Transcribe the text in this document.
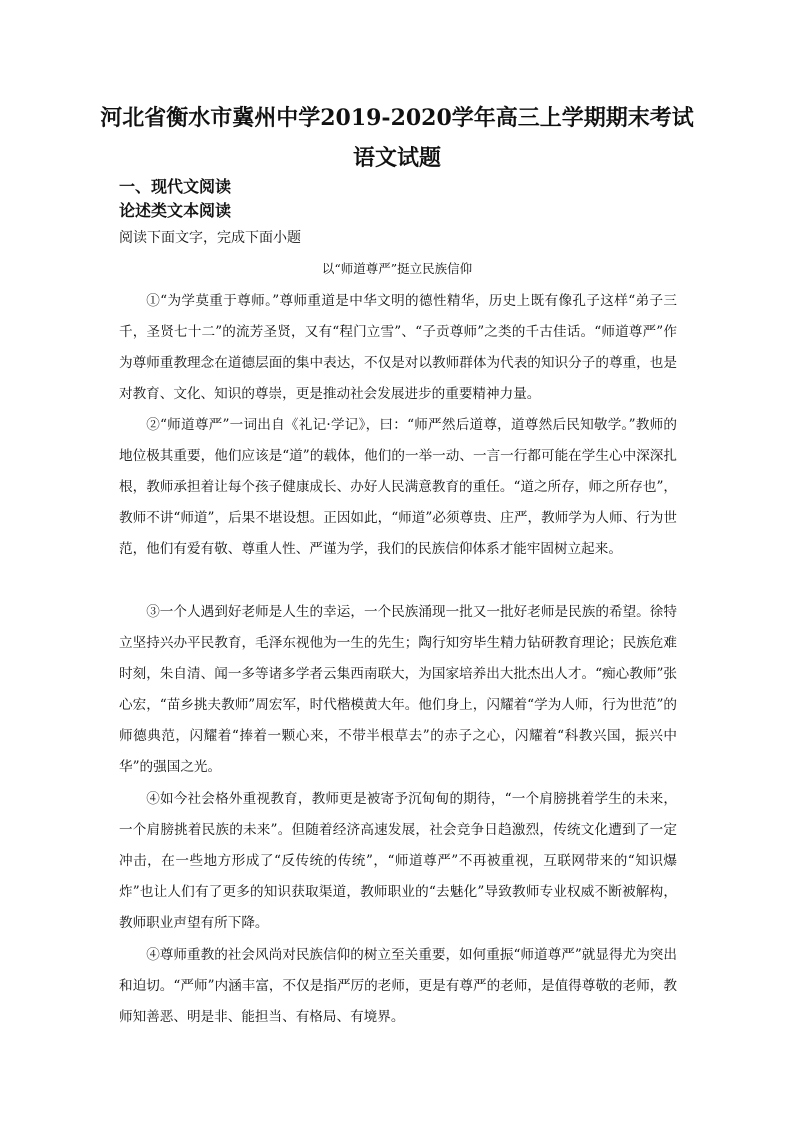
河北省衡水市冀州中学2019-2020学年高三上学期期末考试
语文试题
一、现代文阅读
论述类文本阅读
阅读下面文字，完成下面小题
以“师道尊严”挺立民族信仰

①“为学莫重于尊师。”尊师重道是中华文明的德性精华，历史上既有像孔子这样“弟子三千，圣贤七十二”的流芳圣贤，又有“程门立雪”、“子贡尊师”之类的千古佳话。“师道尊严”作为尊师重教理念在道德层面的集中表达，不仅是对以教师群体为代表的知识分子的尊重，也是对教育、文化、知识的尊崇，更是推动社会发展进步的重要精神力量。

②“师道尊严”一词出自《礼记·学记》，曰：“师严然后道尊，道尊然后民知敬学。”教师的地位极其重要，他们应该是“道”的载体，他们的一举一动、一言一行都可能在学生心中深深扎根，教师承担着让每个孩子健康成长、办好人民满意教育的重任。“道之所存，师之所存也”，教师不讲“师道”，后果不堪设想。正因如此，“师道”必须尊贵、庄严，教师学为人师、行为世范，他们有爱有敬、尊重人性、严谨为学，我们的民族信仰体系才能牢固树立起来。

③一个人遇到好老师是人生的幸运，一个民族涌现一批又一批好老师是民族的希望。徐特立坚持兴办平民教育，毛泽东视他为一生的先生；陶行知穷毕生精力钻研教育理论；民族危难时刻，朱自清、闻一多等诸多学者云集西南联大，为国家培养出大批杰出人才。“痴心教师”张心宏，“苗乡挑夫教师”周宏军，时代楷模黄大年。他们身上，闪耀着“学为人师，行为世范”的师德典范，闪耀着“捧着一颗心来，不带半根草去”的赤子之心，闪耀着“科教兴国，振兴中华”的强国之光。

④如今社会格外重视教育，教师更是被寄予沉甸甸的期待，“一个肩膀挑着学生的未来，一个肩膀挑着民族的未来”。但随着经济高速发展，社会竞争日趋激烈，传统文化遭到了一定冲击，在一些地方形成了“反传统的传统”，“师道尊严”不再被重视，互联网带来的“知识爆炸”也让人们有了更多的知识获取渠道，教师职业的“去魅化”导致教师专业权威不断被解构，教师职业声望有所下降。

④尊师重教的社会风尚对民族信仰的树立至关重要，如何重振“师道尊严”就显得尤为突出和迫切。“严师”内涵丰富，不仅是指严厉的老师，更是有尊严的老师，是值得尊敬的老师，教师知善恶、明是非、能担当、有格局、有境界。
